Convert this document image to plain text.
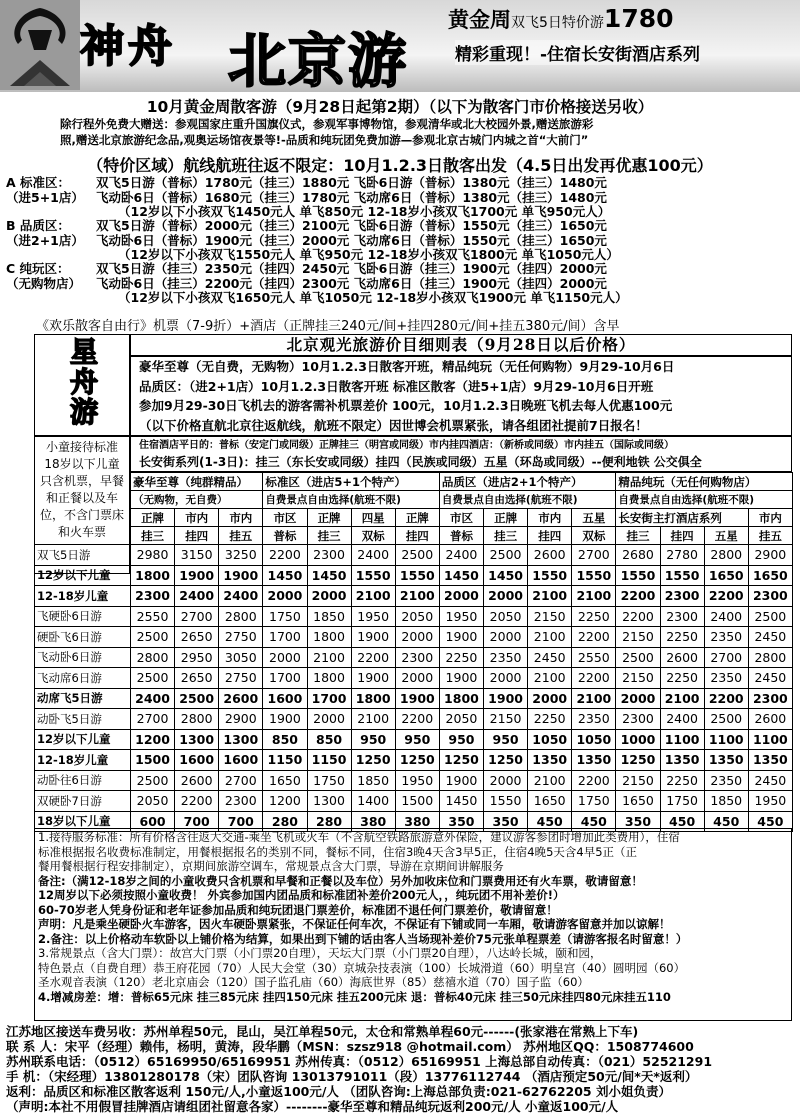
神舟 北京游
黄金周双飞5日特价游1780
精彩重现！-住宿长安街酒店系列
10月黄金周散客游（9月28日起第2期）（以下为散客门市价格接送另收）
除行程外免费大赠送：参观国家庄重升国旗仪式，参观军事博物馆，参观清华或北大校园外景,赠送旅游彩
照,赠送北京旅游纪念品,观奥运场馆夜景等!-品质和纯玩团免费加游—参观北京古城门内城之首“大前门”
（特价区域）航线航班往返不限定：10月1.2.3日散客出发（4.5日出发再优惠100元）
A 标准区： 双飞5日游（普标）1780元（挂三）1880元 飞卧6日游（普标）1380元（挂三）1480元
（进5+1店） 飞动卧6日（普标）1680元（挂三）1780元 飞动席6日（普标）1380元（挂三）1480元
（12岁以下小孩双飞1450元人 单飞850元 12-18岁小孩双飞1700元 单飞950元人）
B 品质区： 双飞5日游（普标）2000元（挂三）2100元 飞卧6日游（普标）1550元（挂三）1650元
（进2+1店） 飞动卧6日（普标）1900元（挂三）2000元 飞动席6日（普标）1550元（挂三）1650元
（12岁以下小孩双飞1550元人 单飞950元 12-18岁小孩双飞1800元 单飞1050元人）
C 纯玩区： 双飞5日游（挂三）2350元（挂四）2450元 飞卧6日游（挂三）1900元（挂四）2000元
（无购物店） 飞动卧6日（挂三）2200元（挂四）2300元 飞动席6日（挂三）1900元（挂四）2000元
（12岁以下小孩双飞1650元人 单飞1050元 12-18岁小孩双飞1900元 单飞1150元人）
《欢乐散客自由行》机票（7-9折）+酒店（正牌挂三240元/间+挂四280元/间+挂五380元/间）含早
星舟游
小童接待标准18岁以下儿童只含机票，早餐和正餐以及车位，不含门票床和火车票
北京观光旅游价目细则表（9月28日以后价格）
豪华至尊（无自费，无购物）10月1.2.3日散客开班，精品纯玩（无任何购物）9月29-10月6日
品质区：（进2+1店）10月1.2.3日散客开班 标准区散客（进5+1店）9月29-10月6日开班
参加9月29-30日飞机去的游客需补机票差价 100元，10月1.2.3日晚班飞机去每人优惠100元
（以下价格直航北京往返航线，航班不限定）因世博会机票紧张，请各组团社提前7日报名！
住宿酒店平日的：普标（安定门或同级）正牌挂三（明宫或同级）市内挂四酒店：（新桥或同级）市内挂五（国际或同级）
长安街系列(1-3日)：挂三（东长安或同级）挂四（民族或同级）五星（环岛或同级）--便利地铁 公交俱全
	豪华至尊（纯群精品）			标准区（进店5+1个特产）				品质区（进店2+1个特产）				精品纯玩（无任何购物店）			
	（无购物，无自费）			自费景点自由选择(航班不限)				自费景点自由选择(航班不限)				自费景点自由选择(航班不限)			
	正牌	市内	市内	市区	正牌	四星	正牌	市区	正牌	市内	五星	长安街主打酒店系列			市内
	挂三	挂四	挂五	普标	挂三	双标	挂四	普标	挂三	挂四	双标	挂三	挂四	五星	挂五
双飞5日游	2980	3150	3250	2200	2300	2400	2500	2400	2500	2600	2700	2680	2780	2800	2900
12岁以下儿童	1800	1900	1900	1450	1450	1550	1550	1450	1450	1550	1550	1550	1550	1650	1650
12-18岁儿童	2300	2400	2400	2000	2000	2100	2100	2000	2000	2100	2100	2200	2300	2200	2300
飞硬卧6日游	2550	2700	2800	1750	1850	1950	2050	1950	2050	2150	2250	2200	2300	2400	2500
硬卧飞6日游	2500	2650	2750	1700	1800	1900	2000	1900	2000	2100	2200	2150	2250	2350	2450
飞动卧6日游	2800	2950	3050	2000	2100	2200	2300	2250	2350	2450	2550	2500	2600	2700	2800
飞动席6日游	2500	2650	2750	1700	1800	1900	2000	1900	2000	2100	2200	2150	2250	2350	2450
动席飞5日游	2400	2500	2600	1600	1700	1800	1900	1800	1900	2000	2100	2000	2100	2200	2300
动卧飞5日游	2700	2800	2900	1900	2000	2100	2200	2050	2150	2250	2350	2300	2400	2500	2600
12岁以下儿童	1200	1300	1300	850	850	950	950	950	950	1050	1050	1000	1100	1100	1100
12-18岁儿童	1500	1600	1600	1150	1150	1250	1250	1250	1250	1350	1350	1250	1350	1350	1350
动卧往6日游	2500	2600	2700	1650	1750	1850	1950	1900	2000	2100	2200	2150	2250	2350	2450
双硬卧7日游	2050	2200	2300	1200	1300	1400	1500	1450	1550	1650	1750	1650	1750	1850	1950
18岁以下儿童	600	700	700	280	280	380	380	350	350	450	450	350	450	450	450
1.接待服务标准：所有价格含往返大交通-乘坐飞机或火车（不含航空铁路旅游意外保险，建议游客参团时增加此类费用），住宿
标准根据报名收费标准制定，用餐根据报名的类别不同，餐标不同，住宿3晚4天含3早5正，住宿4晚5天含4早5正（正
餐用餐根据行程安排制定），京期间旅游空调车，常规景点含大门票，导游在京期间讲解服务
备注:（满12-18岁之间的小童收费只含机票和早餐和正餐以及车位）另外加收床位和门票费用还有火车票，敬请留意！
12周岁以下必须按照小童收费！ 外宾参加国内团品质和标准团补差价200元人，，纯玩团不用补差价!）
60-70岁老人凭身份证和老年证参加品质和纯玩团退门票差价，标准团不退任何门票差价，敬请留意！
声明：凡是乘坐硬卧火车游客，因火车硬卧票紧张，不保证任何车次，不保证有下铺或同一车厢，敬请游客留意并加以谅解！
2.备注：以上价格动车软卧以上铺价格为结算，如果出到下铺的话由客人当场现补差价75元张单程票差（请游客报名时留意！）
3.常规景点（含大门票）：故宫大门票（小门票20自理），天坛大门票（小门票20自理），八达岭长城，颐和园，
特色景点（自费自理）恭王府花园（70）人民大会堂（30）京城杂技表演（100）长城滑道（60）明皇宫（40）圆明园（60）
圣水观音表演（120）老北京庙会（120）国子监孔庙（60）海底世界（85）慈禧水道（70）国子监（60）
4.增减房差：增：普标65元床 挂三85元床 挂四150元床 挂五200元床 退：普标40元床 挂三50元床挂四80元床挂五110
江苏地区接送车费另收：苏州单程50元，昆山，吴江单程50元，太仓和常熟单程60元------(张家港在常熟上下车)
联 系 人：宋平（经理）赖伟，杨明，黄涛，段华鹏（MSN：szsz918 @hotmail.com） 苏州地区QQ：1508774600
苏州联系电话：（0512）65169950/65169951 苏州传真：（0512）65169951 上海总部自动传真：（021）52521291
手 机：（宋经理）13801280178（宋）团队咨询 13013791011（段）13776112744 （酒店预定50元/间*天*返利）
返利：品质区和标准区散客返利 150元/人,小童返100元/人 （团队咨询:上海总部负责:021-62762205 刘小姐负责）
（声明:本社不用假冒挂牌酒店请组团社留意各家）--------豪华至尊和精品纯玩返利200元/人 小童返100元/人
